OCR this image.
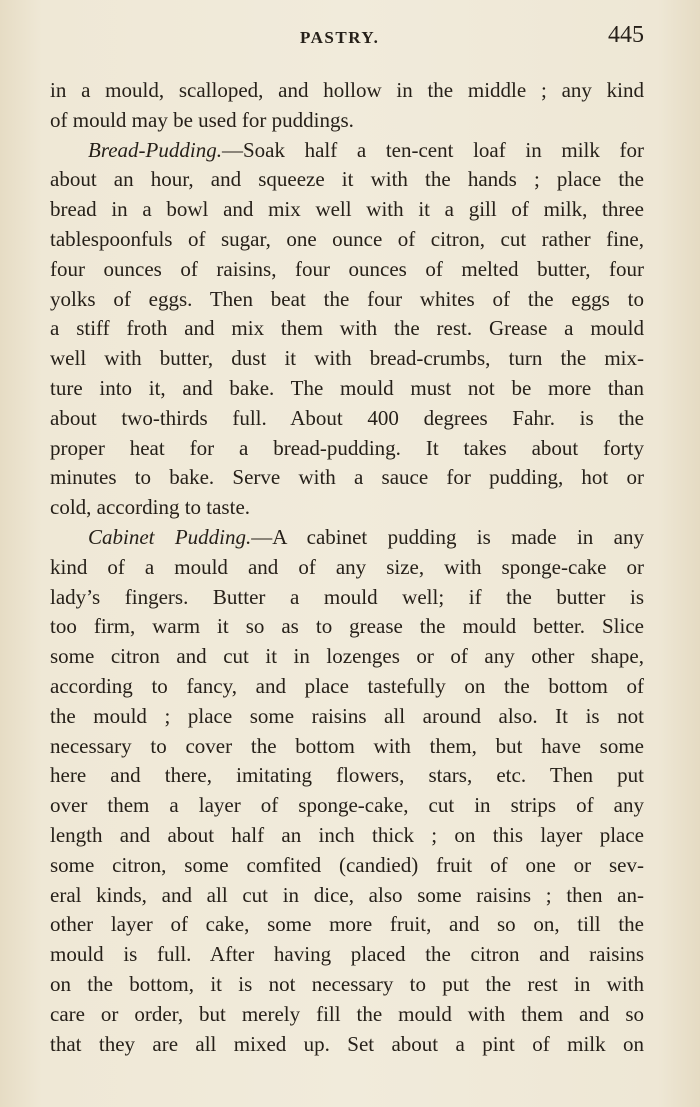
PASTRY.	445
in a mould, scalloped, and hollow in the middle ; any kind
of mould may be used for puddings.
Bread-Pudding.—Soak half a ten-cent loaf in milk for
about an hour, and squeeze it with the hands ; place the
bread in a bowl and mix well with it a gill of milk, three
tablespoonfuls of sugar, one ounce of citron, cut rather fine,
four ounces of raisins, four ounces of melted butter, four
yolks of eggs. Then beat the four whites of the eggs to
a stiff froth and mix them with the rest. Grease a mould
well with butter, dust it with bread-crumbs, turn the mix-
ture into it, and bake. The mould must not be more than
about two-thirds full. About 400 degrees Fahr. is the
proper heat for a bread-pudding. It takes about forty
minutes to bake. Serve with a sauce for pudding, hot or
cold, according to taste.
Cabinet Pudding.—A cabinet pudding is made in any
kind of a mould and of any size, with sponge-cake or
lady’s fingers. Butter a mould well; if the butter is
too firm, warm it so as to grease the mould better. Slice
some citron and cut it in lozenges or of any other shape,
according to fancy, and place tastefully on the bottom of
the mould ; place some raisins all around also. It is not
necessary to cover the bottom with them, but have some
here and there, imitating flowers, stars, etc. Then put
over them a layer of sponge-cake, cut in strips of any
length and about half an inch thick ; on this layer place
some citron, some comfited (candied) fruit of one or sev-
eral kinds, and all cut in dice, also some raisins ; then an-
other layer of cake, some more fruit, and so on, till the
mould is full. After having placed the citron and raisins
on the bottom, it is not necessary to put the rest in with
care or order, but merely fill the mould with them and so
that they are all mixed up. Set about a pint of milk on
